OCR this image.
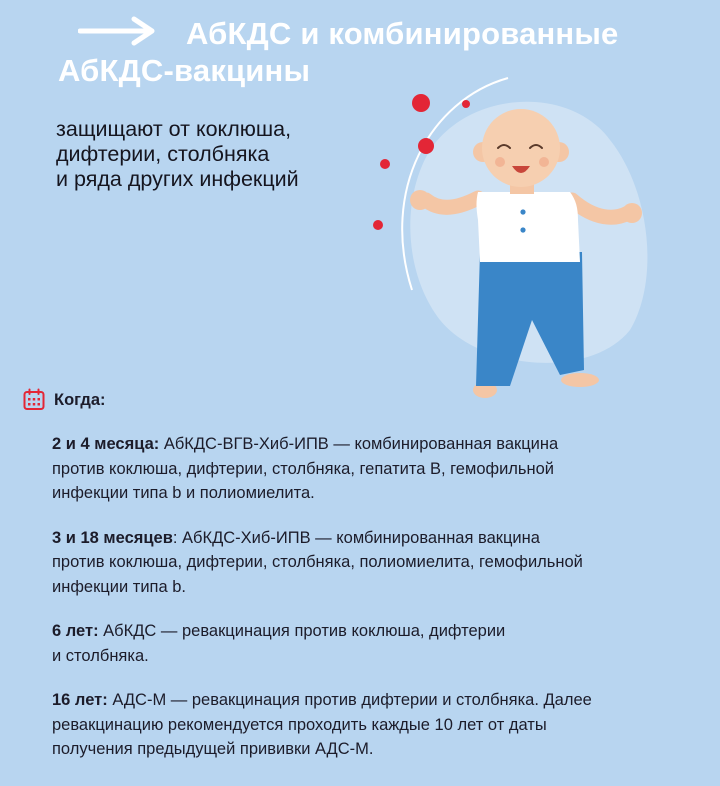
АбКДС и комбинированные
АбКДС-вакцины
защищают от коклюша,
дифтерии, столбняка
и ряда других инфекций
Когда:

2 и 4 месяца: АбКДС-ВГВ-Хиб-ИПВ — комбинированная вакцина
против коклюша, дифтерии, столбняка, гепатита В, гемофильной
инфекции типа b и полиомиелита.

3 и 18 месяцев: АбКДС-Хиб-ИПВ — комбинированная вакцина
против коклюша, дифтерии, столбняка, полиомиелита, гемофильной
инфекции типа b.

6 лет: АбКДС — ревакцинация против коклюша, дифтерии
и столбняка.

16 лет: АДС-М — ревакцинация против дифтерии и столбняка. Далее
ревакцинацию рекомендуется проходить каждые 10 лет от даты
получения предыдущей прививки АДС-М.
